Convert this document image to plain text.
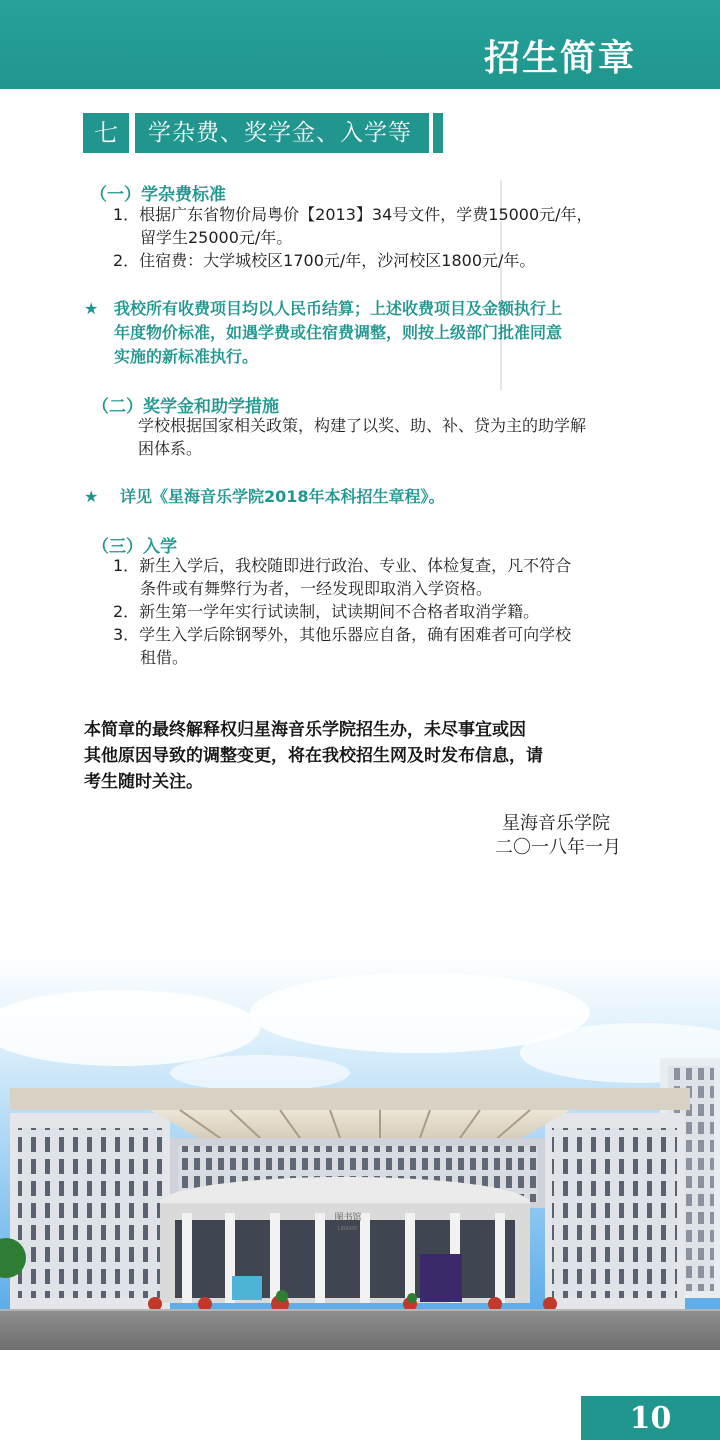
招生简章
七	学杂费、奖学金、入学等
（一）学杂费标准
1．根据广东省物价局粤价【2013】34号文件，学费15000元/年，
留学生25000元/年。
2．住宿费：大学城校区1700元/年，沙河校区1800元/年。
★ 我校所有收费项目均以人民币结算；上述收费项目及金额执行上
年度物价标准，如遇学费或住宿费调整，则按上级部门批准同意
实施的新标准执行。
（二）奖学金和助学措施
学校根据国家相关政策，构建了以奖、助、补、贷为主的助学解
困体系。
★ 详见《星海音乐学院2018年本科招生章程》。
（三）入学
1．新生入学后，我校随即进行政治、专业、体检复查，凡不符合
条件或有舞弊行为者，一经发现即取消入学资格。
2．新生第一学年实行试读制，试读期间不合格者取消学籍。
3．学生入学后除钢琴外，其他乐器应自备，确有困难者可向学校
租借。
本简章的最终解释权归星海音乐学院招生办，未尽事宜或因
其他原因导致的调整变更，将在我校招生网及时发布信息，请
考生随时关注。
星海音乐学院
二〇一八年一月
图书馆
LIBRARY
10
